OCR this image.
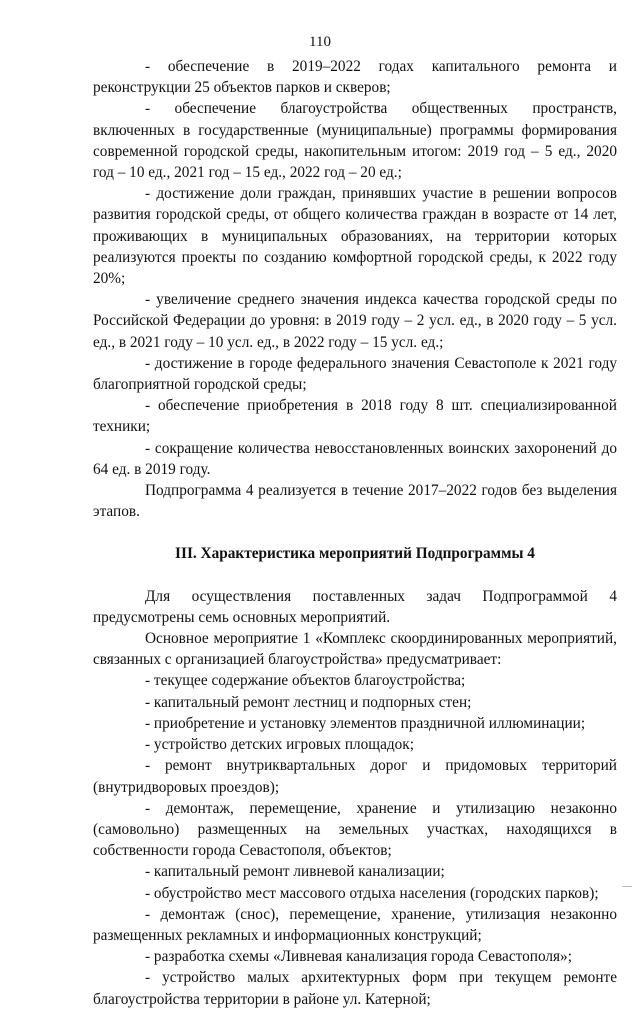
110

- обеспечение в 2019–2022 годах капитального ремонта и реконструкции 25 объектов парков и скверов;

- обеспечение благоустройства общественных пространств, включенных в государственные (муниципальные) программы формирования современной городской среды, накопительным итогом: 2019 год – 5 ед., 2020 год – 10 ед., 2021 год – 15 ед., 2022 год – 20 ед.;

- достижение доли граждан, принявших участие в решении вопросов развития городской среды, от общего количества граждан в возрасте от 14 лет, проживающих в муниципальных образованиях, на территории которых реализуются проекты по созданию комфортной городской среды, к 2022 году 20%;

- увеличение среднего значения индекса качества городской среды по Российской Федерации до уровня: в 2019 году – 2 усл. ед., в 2020 году – 5 усл. ед., в 2021 году – 10 усл. ед., в 2022 году – 15 усл. ед.;

- достижение в городе федерального значения Севастополе к 2021 году благоприятной городской среды;

- обеспечение приобретения в 2018 году 8 шт. специализированной техники;

- сокращение количества невосстановленных воинских захоронений до 64 ед. в 2019 году.

Подпрограмма 4 реализуется в течение 2017–2022 годов без выделения этапов.

III. Характеристика мероприятий Подпрограммы 4

Для осуществления поставленных задач Подпрограммой 4 предусмотрены семь основных мероприятий.

Основное мероприятие 1 «Комплекс скоординированных мероприятий, связанных с организацией благоустройства» предусматривает:

- текущее содержание объектов благоустройства;

- капитальный ремонт лестниц и подпорных стен;

- приобретение и установку элементов праздничной иллюминации;

- устройство детских игровых площадок;

- ремонт внутриквартальных дорог и придомовых территорий (внутридворовых проездов);

- демонтаж, перемещение, хранение и утилизацию незаконно (самовольно) размещенных на земельных участках, находящихся в собственности города Севастополя, объектов;

- капитальный ремонт ливневой канализации;

- обустройство мест массового отдыха населения (городских парков);

- демонтаж (снос), перемещение, хранение, утилизация незаконно размещенных рекламных и информационных конструкций;

- разработка схемы «Ливневая канализация города Севастополя»;

- устройство малых архитектурных форм при текущем ремонте благоустройства территории в районе ул. Катерной;
